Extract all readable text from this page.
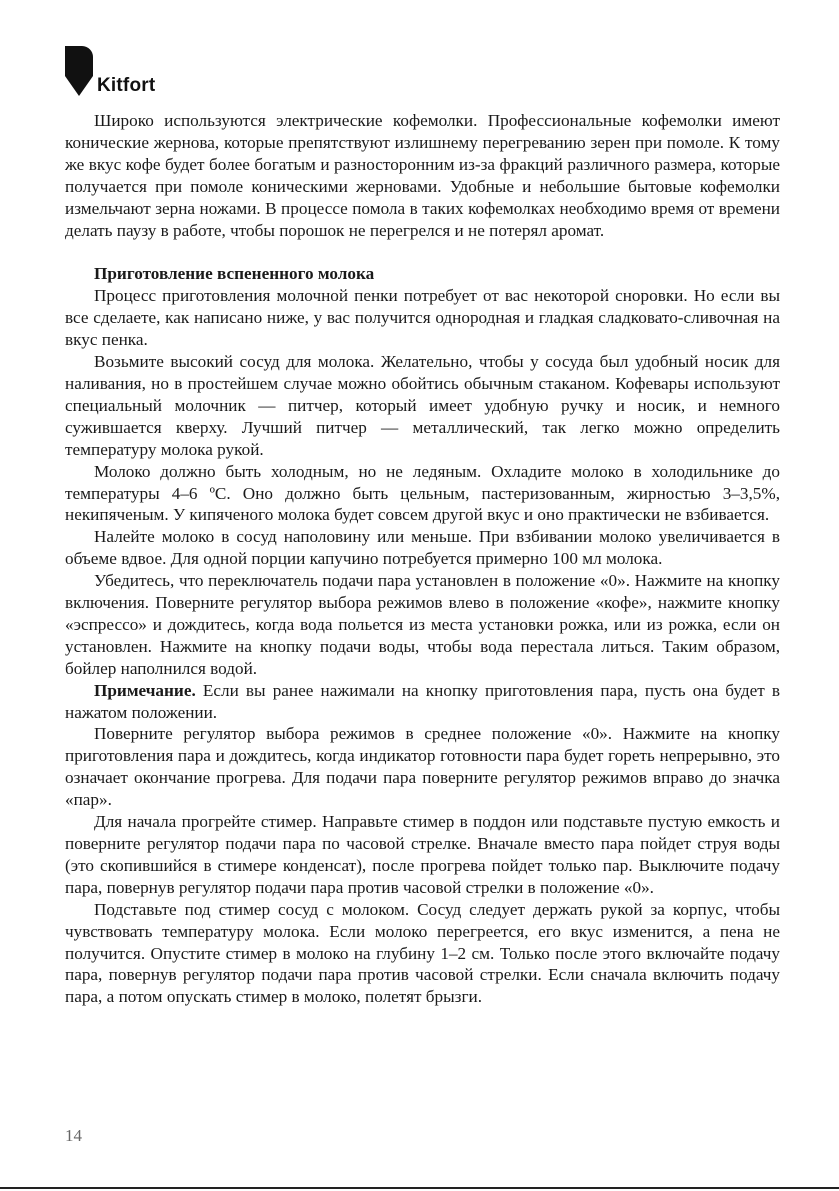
Kitfort

Широко используются электрические кофемолки. Профессиональные кофемолки имеют конические жернова, которые препятствуют излишнему перегреванию зерен при помоле. К тому же вкус кофе будет более богатым и разносторонним из-за фракций различного размера, которые получается при помоле коническими жерновами. Удобные и небольшие бытовые кофемолки измельчают зерна ножами. В процессе помола в таких кофемолках необходимо время от времени делать паузу в работе, чтобы порошок не перегрелся и не потерял аромат.

Приготовление вспененного молока

Процесс приготовления молочной пенки потребует от вас некоторой сноровки. Но если вы все сделаете, как написано ниже, у вас получится однородная и гладкая сладковато-сливочная на вкус пенка.

Возьмите высокий сосуд для молока. Желательно, чтобы у сосуда был удобный носик для наливания, но в простейшем случае можно обойтись обычным стаканом. Кофевары используют специальный молочник — питчер, который имеет удобную ручку и носик, и немного сужившается кверху. Лучший питчер — металлический, так легко можно определить температуру молока рукой.

Молоко должно быть холодным, но не ледяным. Охладите молоко в холодильнике до температуры 4–6 ºC. Оно должно быть цельным, пастеризованным, жирностью 3–3,5%, некипяченым. У кипяченого молока будет совсем другой вкус и оно практически не взбивается.

Налейте молоко в сосуд наполовину или меньше. При взбивании молоко увеличивается в объеме вдвое. Для одной порции капучино потребуется примерно 100 мл молока.

Убедитесь, что переключатель подачи пара установлен в положение «0». Нажмите на кнопку включения. Поверните регулятор выбора режимов влево в положение «кофе», нажмите кнопку «эспрессо» и дождитесь, когда вода польется из места установки рожка, или из рожка, если он установлен. Нажмите на кнопку подачи воды, чтобы вода перестала литься. Таким образом, бойлер наполнился водой.

Примечание. Если вы ранее нажимали на кнопку приготовления пара, пусть она будет в нажатом положении.

Поверните регулятор выбора режимов в среднее положение «0». Нажмите на кнопку приготовления пара и дождитесь, когда индикатор готовности пара будет гореть непрерывно, это означает окончание прогрева. Для подачи пара поверните регулятор режимов вправо до значка «пар».

Для начала прогрейте стимер. Направьте стимер в поддон или подставьте пустую емкость и поверните регулятор подачи пара по часовой стрелке. Вначале вместо пара пойдет струя воды (это скопившийся в стимере конденсат), после прогрева пойдет только пар. Выключите подачу пара, повернув регулятор подачи пара против часовой стрелки в положение «0».

Подставьте под стимер сосуд с молоком. Сосуд следует держать рукой за корпус, чтобы чувствовать температуру молока. Если молоко перегреется, его вкус изменится, а пена не получится. Опустите стимер в молоко на глубину 1–2 см. Только после этого включайте подачу пара, повернув регулятор подачи пара против часовой стрелки. Если сначала включить подачу пара, а потом опускать стимер в молоко, полетят брызги.

14
